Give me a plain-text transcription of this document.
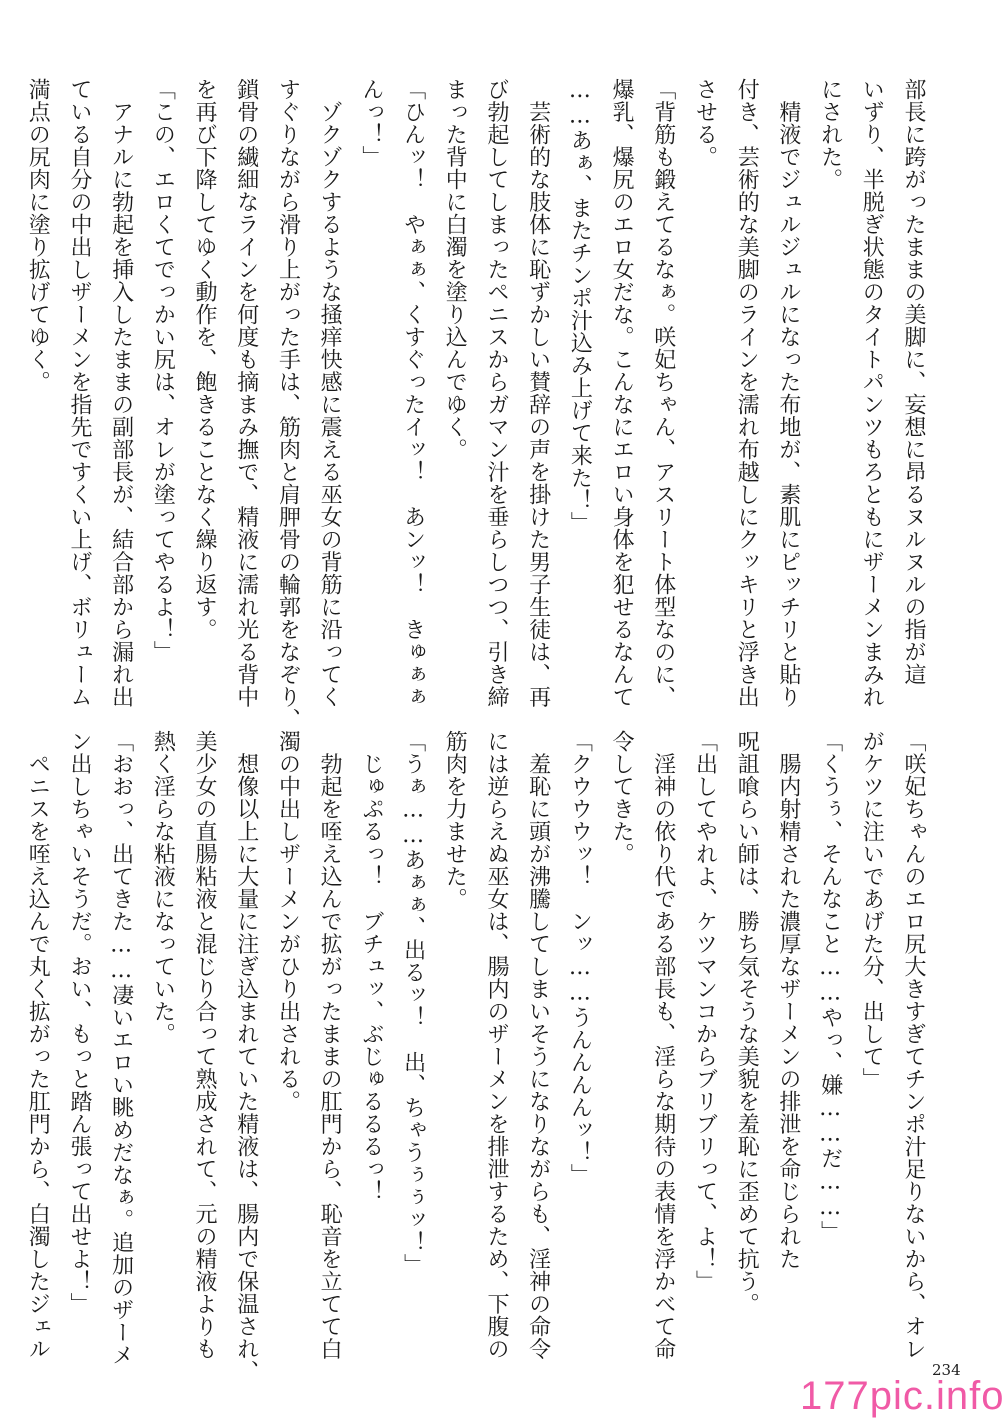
部長に跨がったままの美脚に、妄想に昂るヌルヌルの指が這
いずり、半脱ぎ状態のタイトパンツもろともにザーメンまみれ
にされた。
　精液でジュルジュルになった布地が、素肌にピッチリと貼り
付き、芸術的な美脚のラインを濡れ布越しにクッキリと浮き出
させる。
「背筋も鍛えてるなぁ。咲妃ちゃん、アスリート体型なのに、
爆乳、爆尻のエロ女だな。こんなにエロい身体を犯せるなんて
……あぁ、またチンポ汁込み上げて来た！」
　芸術的な肢体に恥ずかしい賛辞の声を掛けた男子生徒は、再
び勃起してしまったペニスからガマン汁を垂らしつつ、引き締
まった背中に白濁を塗り込んでゆく。
「ひんッ！　やぁぁ、くすぐったイッ！　あンッ！　きゅぁぁ
んっ！」
　ゾクゾクするような掻痒快感に震える巫女の背筋に沿ってく
すぐりながら滑り上がった手は、筋肉と肩胛骨の輪郭をなぞり、
鎖骨の繊細なラインを何度も摘まみ撫で、精液に濡れ光る背中
を再び下降してゆく動作を、飽きることなく繰り返す。
「この、エロくてでっかい尻は、オレが塗ってやるよ！」
　アナルに勃起を挿入したままの副部長が、結合部から漏れ出
ている自分の中出しザーメンを指先ですくい上げ、ボリューム
満点の尻肉に塗り拡げてゆく。
「咲妃ちゃんのエロ尻大きすぎてチンポ汁足りないから、オレ
がケツに注いであげた分、出して」
「くうぅ、そんなこと……やっ、嫌……だ……」
　腸内射精された濃厚なザーメンの排泄を命じられた
呪詛喰らい師は、勝ち気そうな美貌を羞恥に歪めて抗う。
「出してやれよ、ケツマンコからブリブリって、よ！」
　淫神の依り代である部長も、淫らな期待の表情を浮かべて命
令してきた。
「クウウウッ！　ンッ……うんんんんッ！」
　羞恥に頭が沸騰してしまいそうになりながらも、淫神の命令
には逆らえぬ巫女は、腸内のザーメンを排泄するため、下腹の
筋肉を力ませた。
「うぁ……あぁぁ、出るッ！　出、ちゃうぅぅッ！」
　じゅぷるっ！　ブチュッ、ぶじゅるるるっ！
　勃起を咥え込んで拡がったままの肛門から、恥音を立てて白
濁の中出しザーメンがひり出される。
　想像以上に大量に注ぎ込まれていた精液は、腸内で保温され、
美少女の直腸粘液と混じり合って熟成されて、元の精液よりも
熱く淫らな粘液になっていた。
「おおっ、出てきた……凄いエロい眺めだなぁ。追加のザーメ
ン出しちゃいそうだ。おい、もっと踏ん張って出せよ！」
　ペニスを咥え込んで丸く拡がった肛門から、白濁したジェル
234
177pic.info
